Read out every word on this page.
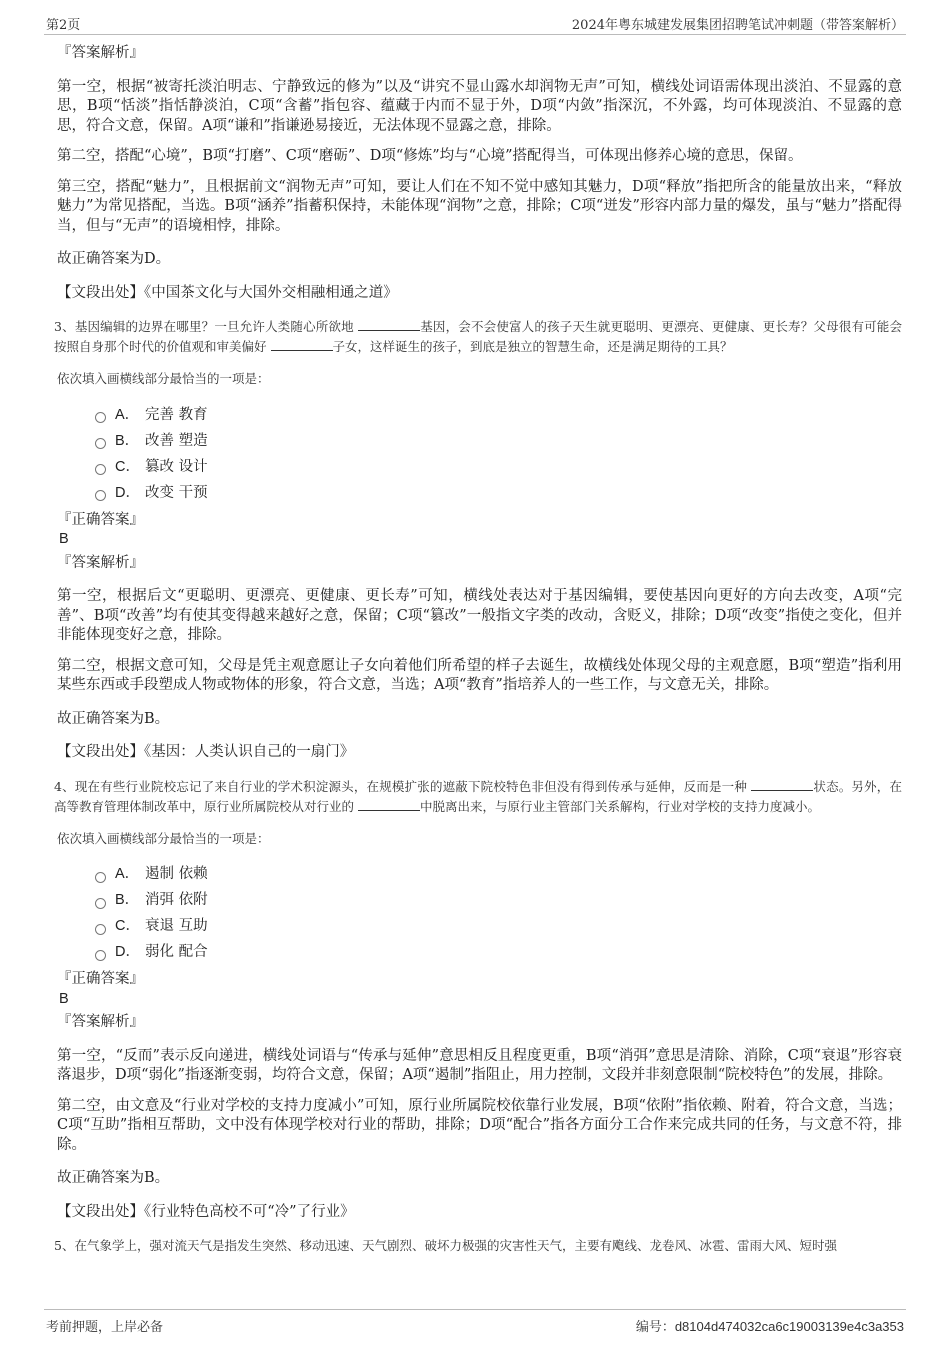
第2页	2024年粤东城建发展集团招聘笔试冲刺题（带答案解析）

『答案解析』

第一空，根据“被寄托淡泊明志、宁静致远的修为”以及“讲究不显山露水却润物无声”可知，横线处词语需体现出淡泊、不显露的意思，B项“恬淡”指恬静淡泊，C项“含蓄”指包容、蕴藏于内而不显于外，D项“内敛”指深沉，不外露，均可体现淡泊、不显露的意思，符合文意，保留。A项“谦和”指谦逊易接近，无法体现不显露之意，排除。

第二空，搭配“心境”，B项“打磨”、C项“磨砺”、D项“修炼”均与“心境”搭配得当，可体现出修养心境的意思，保留。

第三空，搭配“魅力”，且根据前文“润物无声”可知，要让人们在不知不觉中感知其魅力，D项“释放”指把所含的能量放出来，“释放魅力”为常见搭配，当选。B项“涵养”指蓄积保持，未能体现“润物”之意，排除；C项“迸发”形容内部力量的爆发，虽与“魅力”搭配得当，但与“无声”的语境相悖，排除。

故正确答案为D。

【文段出处】《中国茶文化与大国外交相融相通之道》

3、基因编辑的边界在哪里？一旦允许人类随心所欲地	基因，会不会使富人的孩子天生就更聪明、更漂亮、更健康、更长寿？父母很有可能会按照自身那个时代的价值观和审美偏好	子女，这样诞生的孩子，到底是独立的智慧生命，还是满足期待的工具？

依次填入画横线部分最恰当的一项是：

A． 完善 教育
B． 改善 塑造
C． 篡改 设计
D． 改变 干预

『正确答案』

B

『答案解析』

第一空，根据后文“更聪明、更漂亮、更健康、更长寿”可知，横线处表达对于基因编辑，要使基因向更好的方向去改变，A项“完善”、B项“改善”均有使其变得越来越好之意，保留；C项“篡改”一般指文字类的改动，含贬义，排除；D项“改变”指使之变化，但并非能体现变好之意，排除。

第二空，根据文意可知，父母是凭主观意愿让子女向着他们所希望的样子去诞生，故横线处体现父母的主观意愿，B项“塑造”指利用某些东西或手段塑成人物或物体的形象，符合文意，当选；A项“教育”指培养人的一些工作，与文意无关，排除。

故正确答案为B。

【文段出处】《基因：人类认识自己的一扇门》

4、现在有些行业院校忘记了来自行业的学术积淀源头，在规模扩张的遮蔽下院校特色非但没有得到传承与延伸，反而是一种	状态。另外，在高等教育管理体制改革中，原行业所属院校从对行业的	中脱离出来，与原行业主管部门关系解构，行业对学校的支持力度减小。

依次填入画横线部分最恰当的一项是：

A． 遏制 依赖
B． 消弭 依附
C． 衰退 互助
D． 弱化 配合

『正确答案』

B

『答案解析』

第一空，“反而”表示反向递进，横线处词语与“传承与延伸”意思相反且程度更重，B项“消弭”意思是清除、消除，C项“衰退”形容衰落退步，D项“弱化”指逐渐变弱，均符合文意，保留；A项“遏制”指阻止，用力控制，文段并非刻意限制“院校特色”的发展，排除。

第二空，由文意及“行业对学校的支持力度减小”可知，原行业所属院校依靠行业发展，B项“依附”指依赖、附着，符合文意，当选；C项“互助”指相互帮助，文中没有体现学校对行业的帮助，排除；D项“配合”指各方面分工合作来完成共同的任务，与文意不符，排除。

故正确答案为B。

【文段出处】《行业特色高校不可“冷”了行业》

5、在气象学上，强对流天气是指发生突然、移动迅速、天气剧烈、破坏力极强的灾害性天气，主要有飑线、龙卷风、冰雹、雷雨大风、短时强

考前押题，上岸必备	编号：d8104d474032ca6c19003139e4c3a353
